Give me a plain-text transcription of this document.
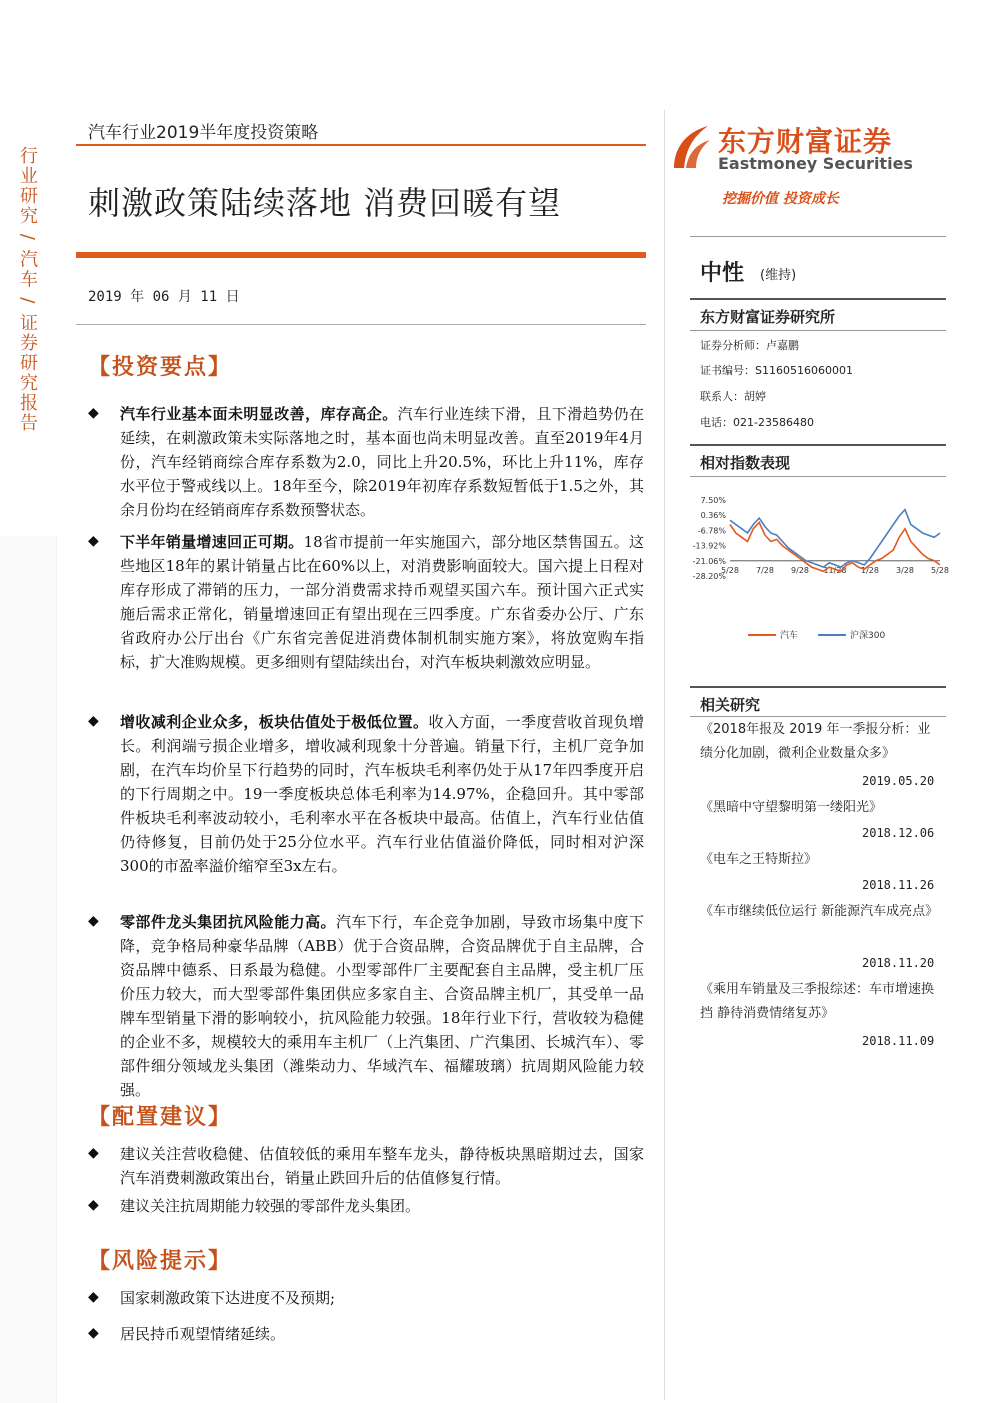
行业研究 / 汽车 / 证券研究报告
汽车行业2019半年度投资策略
刺激政策陆续落地 消费回暖有望
2019 年 06 月 11 日
【投资要点】
◆ 汽车行业基本面未明显改善，库存高企。汽车行业连续下滑，且下滑趋势仍在延续，在刺激政策未实际落地之时，基本面也尚未明显改善。直至2019年4月份，汽车经销商综合库存系数为2.0，同比上升20.5%，环比上升11%，库存水平位于警戒线以上。18年至今，除2019年初库存系数短暂低于1.5之外，其余月份均在经销商库存系数预警状态。
◆ 下半年销量增速回正可期。18省市提前一年实施国六，部分地区禁售国五。这些地区18年的累计销量占比在60%以上，对消费影响面较大。国六提上日程对库存形成了滞销的压力，一部分消费需求持币观望买国六车。预计国六正式实施后需求正常化，销量增速回正有望出现在三四季度。广东省委办公厅、广东省政府办公厅出台《广东省完善促进消费体制机制实施方案》，将放宽购车指标，扩大准购规模。更多细则有望陆续出台，对汽车板块刺激效应明显。
◆ 增收减利企业众多，板块估值处于极低位置。收入方面，一季度营收首现负增长。利润端亏损企业增多，增收减利现象十分普遍。销量下行，主机厂竞争加剧，在汽车均价呈下行趋势的同时，汽车板块毛利率仍处于从17年四季度开启的下行周期之中。19一季度板块总体毛利率为14.97%，企稳回升。其中零部件板块毛利率波动较小，毛利率水平在各板块中最高。估值上，汽车行业估值仍待修复，目前仍处于25分位水平。汽车行业估值溢价降低，同时相对沪深300的市盈率溢价缩窄至3x左右。
◆ 零部件龙头集团抗风险能力高。汽车下行，车企竞争加剧，导致市场集中度下降，竞争格局种豪华品牌（ABB）优于合资品牌，合资品牌优于自主品牌，合资品牌中德系、日系最为稳健。小型零部件厂主要配套自主品牌，受主机厂压价压力较大，而大型零部件集团供应多家自主、合资品牌主机厂，其受单一品牌车型销量下滑的影响较小，抗风险能力较强。18年行业下行，营收较为稳健的企业不多，规模较大的乘用车主机厂（上汽集团、广汽集团、长城汽车）、零部件细分领域龙头集团（潍柴动力、华域汽车、福耀玻璃）抗周期风险能力较强。
【配置建议】
◆ 建议关注营收稳健、估值较低的乘用车整车龙头，静待板块黑暗期过去，国家汽车消费刺激政策出台，销量止跌回升后的估值修复行情。
◆ 建议关注抗周期能力较强的零部件龙头集团。
【风险提示】
◆ 国家刺激政策下达进度不及预期;
◆ 居民持币观望情绪延续。
东方财富证券
Eastmoney Securities
挖掘价值 投资成长
中性 (维持)
东方财富证券研究所
证券分析师：卢嘉鹏
证书编号：S1160516060001
联系人：胡婷
电话：021-23586480
相对指数表现
7.50%
0.36%
-6.78%
-13.92%
-21.06%
-28.20%
5/28 7/28 9/28 11/28 1/28 3/28 5/28
汽车	沪深300
相关研究
《2018年报及 2019 年一季报分析：业绩分化加剧，微利企业数量众多》
2019.05.20
《黑暗中守望黎明第一缕阳光》
2018.12.06
《电车之王特斯拉》
2018.11.26
《车市继续低位运行 新能源汽车成亮点》
2018.11.20
《乘用车销量及三季报综述：车市增速换挡 静待消费情绪复苏》
2018.11.09
